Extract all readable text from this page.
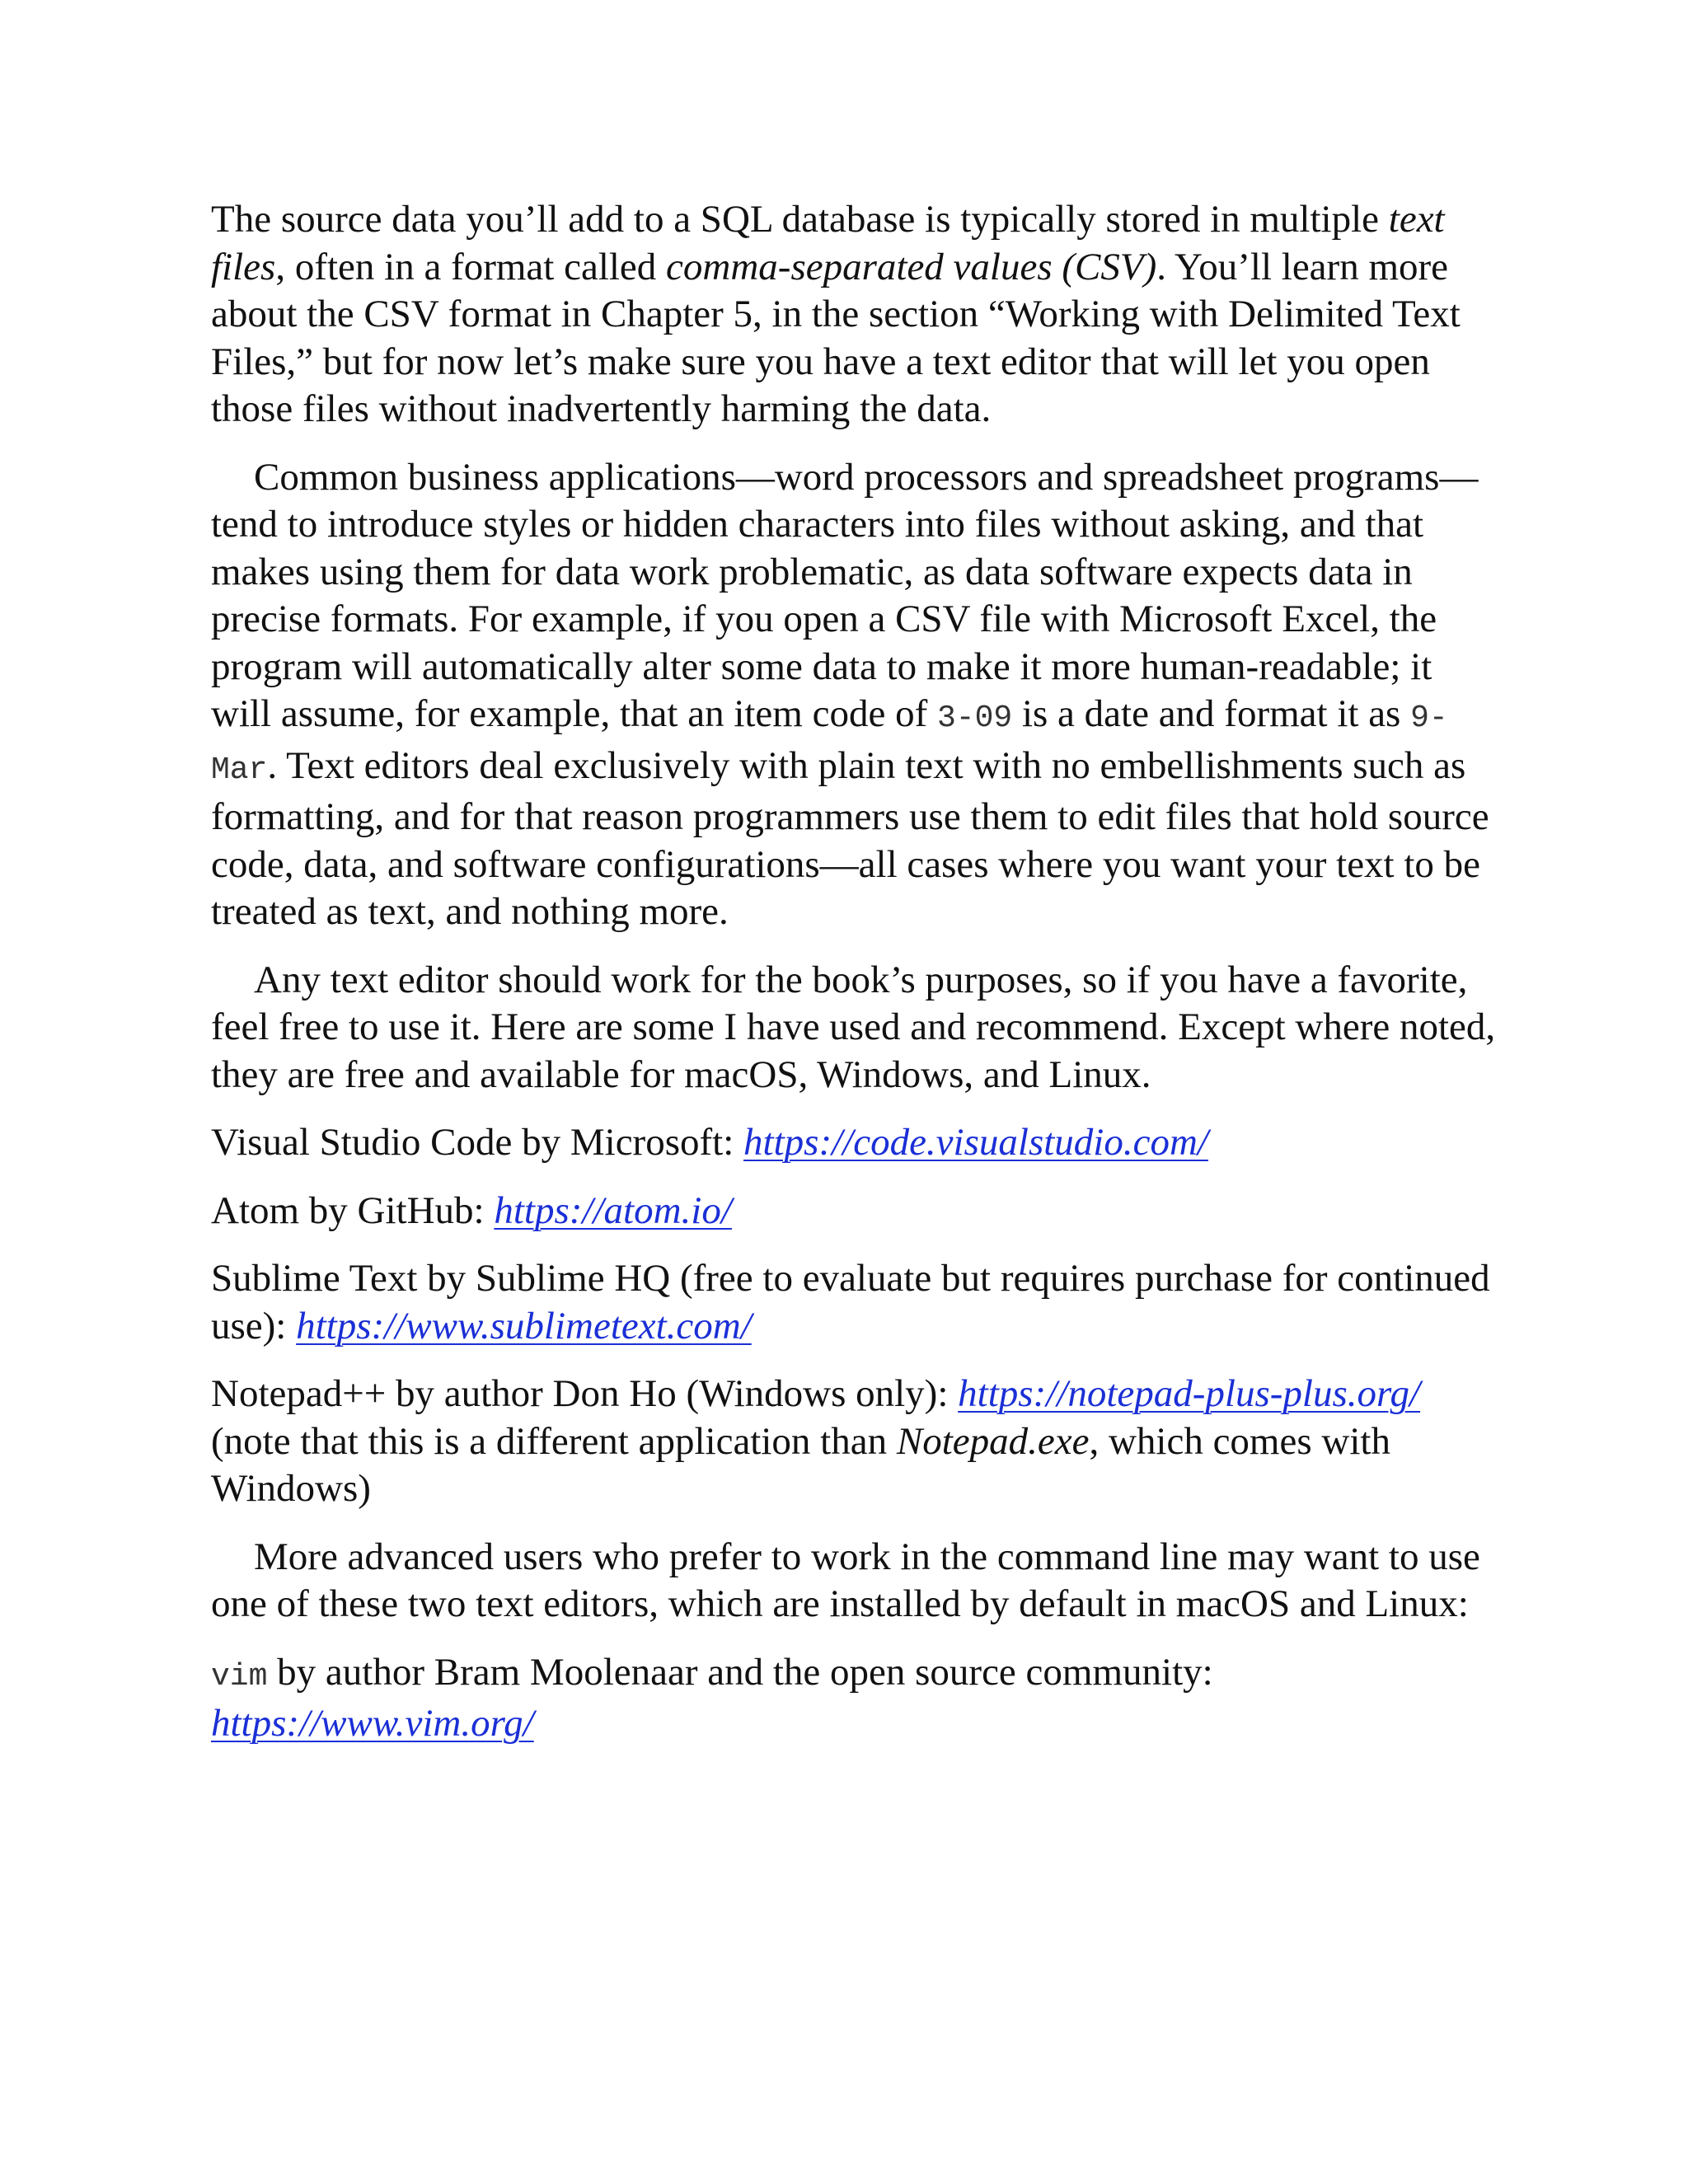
The source data you’ll add to a SQL database is typically stored in multiple text files, often in a format called comma-separated values (CSV). You’ll learn more about the CSV format in Chapter 5, in the section “Working with Delimited Text Files,” but for now let’s make sure you have a text editor that will let you open those files without inadvertently harming the data.

Common business applications—word processors and spreadsheet programs—tend to introduce styles or hidden characters into files without asking, and that makes using them for data work problematic, as data software expects data in precise formats. For example, if you open a CSV file with Microsoft Excel, the program will automatically alter some data to make it more human-readable; it will assume, for example, that an item code of 3-09 is a date and format it as 9-Mar. Text editors deal exclusively with plain text with no embellishments such as formatting, and for that reason programmers use them to edit files that hold source code, data, and software configurations—all cases where you want your text to be treated as text, and nothing more.

Any text editor should work for the book’s purposes, so if you have a favorite, feel free to use it. Here are some I have used and recommend. Except where noted, they are free and available for macOS, Windows, and Linux.

Visual Studio Code by Microsoft: https://code.visualstudio.com/

Atom by GitHub: https://atom.io/

Sublime Text by Sublime HQ (free to evaluate but requires purchase for continued use): https://www.sublimetext.com/

Notepad++ by author Don Ho (Windows only): https://notepad-plus-plus.org/ (note that this is a different application than Notepad.exe, which comes with Windows)

More advanced users who prefer to work in the command line may want to use one of these two text editors, which are installed by default in macOS and Linux:

vim by author Bram Moolenaar and the open source community: https://www.vim.org/
